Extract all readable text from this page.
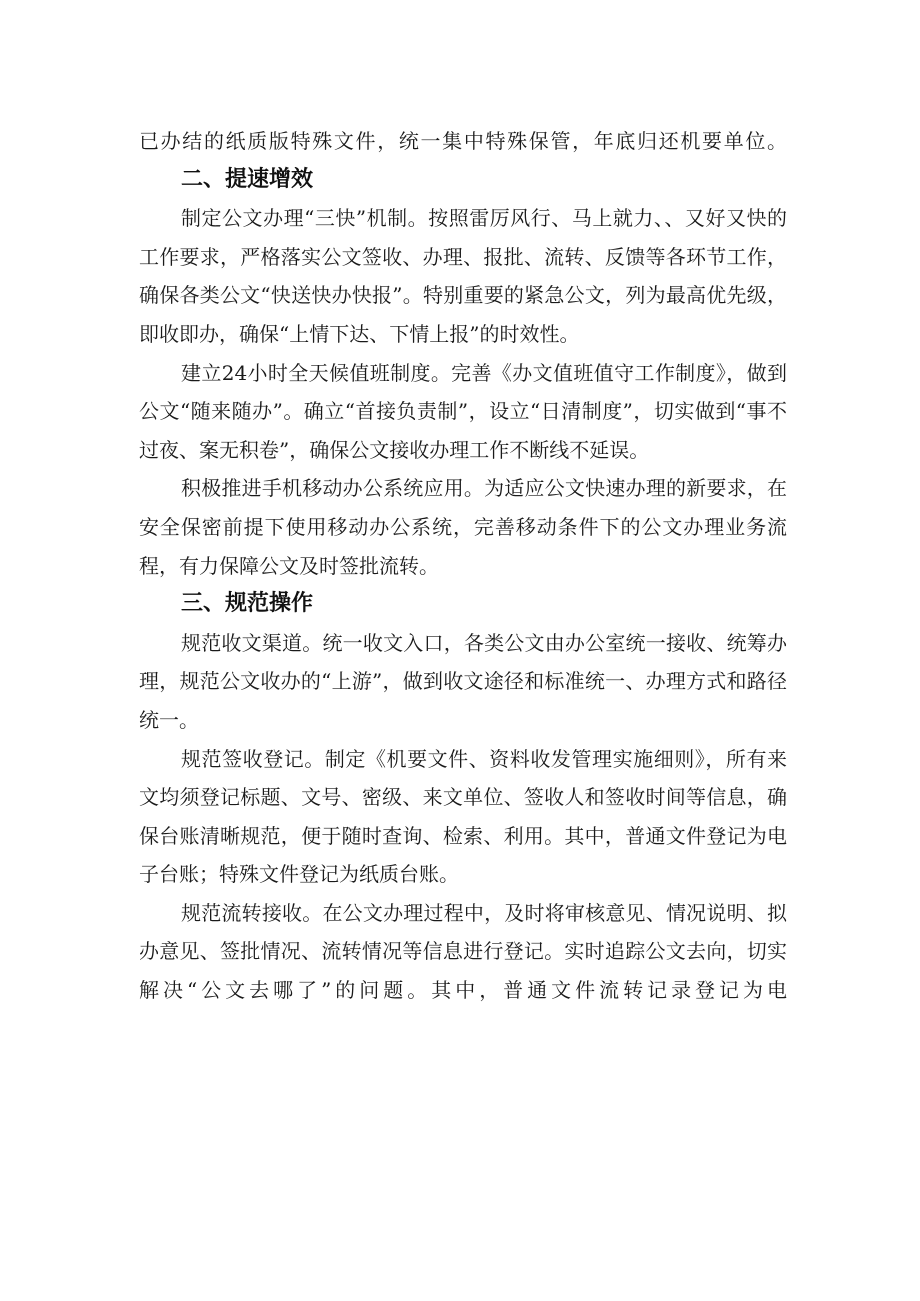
已办结的纸质版特殊文件，统一集中特殊保管，年底归还机要单位。

二、提速增效

制定公文办理“三快”机制。按照雷厉风行、马上就力、、又好又快的工作要求，严格落实公文签收、办理、报批、流转、反馈等各环节工作，确保各类公文“快送快办快报”。特别重要的紧急公文，列为最高优先级，即收即办，确保“上情下达、下情上报”的时效性。

建立24小时全天候值班制度。完善《办文值班值守工作制度》，做到公文“随来随办”。确立“首接负责制”，设立“日清制度”，切实做到“事不过夜、案无积卷”，确保公文接收办理工作不断线不延误。

积极推进手机移动办公系统应用。为适应公文快速办理的新要求，在安全保密前提下使用移动办公系统，完善移动条件下的公文办理业务流程，有力保障公文及时签批流转。

三、规范操作

规范收文渠道。统一收文入口，各类公文由办公室统一接收、统筹办理，规范公文收办的“上游”，做到收文途径和标准统一、办理方式和路径统一。

规范签收登记。制定《机要文件、资料收发管理实施细则》，所有来文均须登记标题、文号、密级、来文单位、签收人和签收时间等信息，确保台账清晰规范，便于随时查询、检索、利用。其中，普通文件登记为电子台账；特殊文件登记为纸质台账。

规范流转接收。在公文办理过程中，及时将审核意见、情况说明、拟办意见、签批情况、流转情况等信息进行登记。实时追踪公文去向，切实解决“公文去哪了”的问题。其中，普通文件流转记录登记为电
